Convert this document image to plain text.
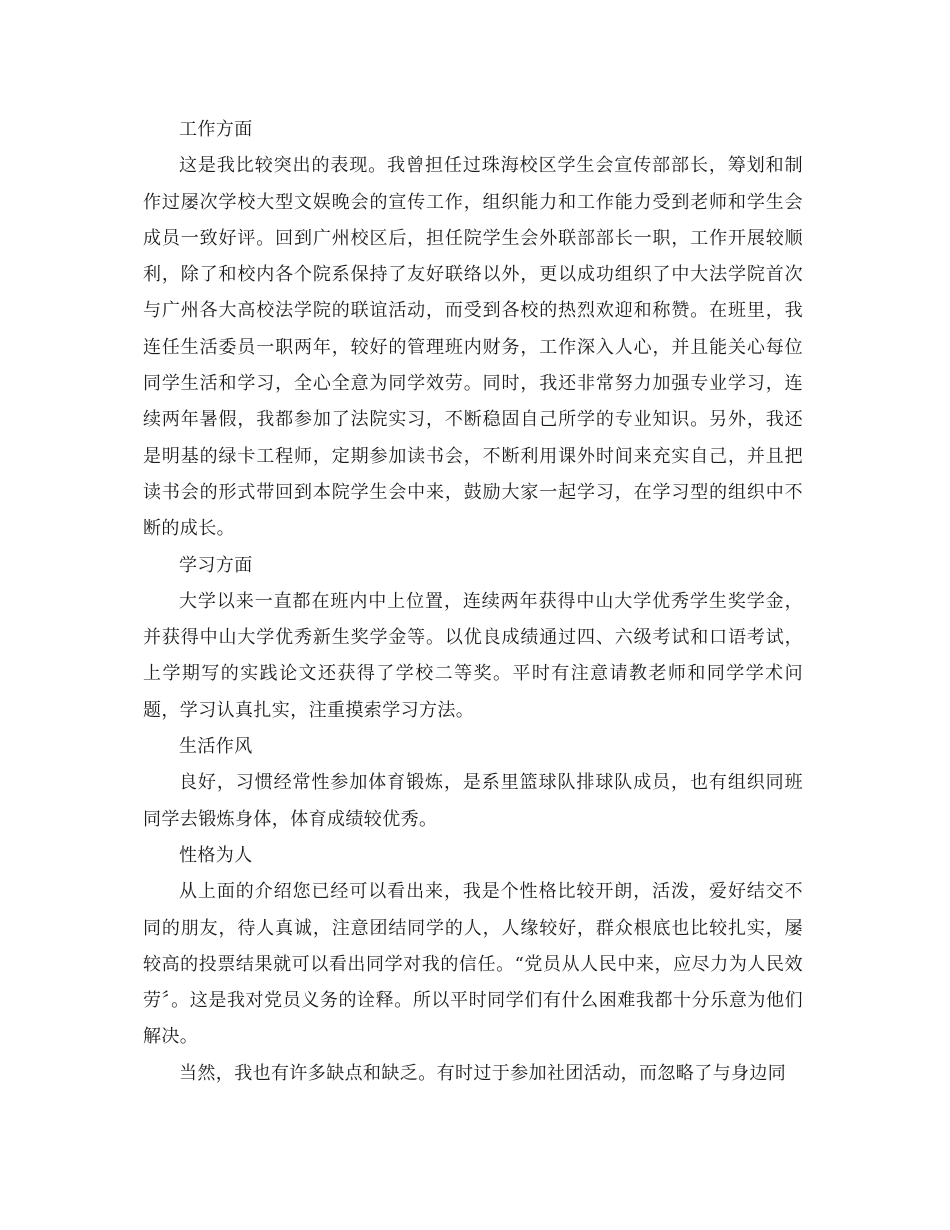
工作方面

这是我比较突出的表现。我曾担任过珠海校区学生会宣传部部长，筹划和制作过屡次学校大型文娱晚会的宣传工作，组织能力和工作能力受到老师和学生会成员一致好评。回到广州校区后，担任院学生会外联部部长一职，工作开展较顺利，除了和校内各个院系保持了友好联络以外，更以成功组织了中大法学院首次与广州各大高校法学院的联谊活动，而受到各校的热烈欢迎和称赞。在班里，我连任生活委员一职两年，较好的管理班内财务，工作深入人心，并且能关心每位同学生活和学习，全心全意为同学效劳。同时，我还非常努力加强专业学习，连续两年暑假，我都参加了法院实习，不断稳固自己所学的专业知识。另外，我还是明基的绿卡工程师，定期参加读书会，不断利用课外时间来充实自己，并且把读书会的形式带回到本院学生会中来，鼓励大家一起学习，在学习型的组织中不断的成长。

学习方面

大学以来一直都在班内中上位置，连续两年获得中山大学优秀学生奖学金，并获得中山大学优秀新生奖学金等。以优良成绩通过四、六级考试和口语考试，上学期写的实践论文还获得了学校二等奖。平时有注意请教老师和同学学术问题，学习认真扎实，注重摸索学习方法。

生活作风

良好，习惯经常性参加体育锻炼，是系里篮球队排球队成员，也有组织同班同学去锻炼身体，体育成绩较优秀。

性格为人

从上面的介绍您已经可以看出来，我是个性格比较开朗，活泼，爱好结交不同的朋友，待人真诚，注意团结同学的人，人缘较好，群众根底也比较扎实，屡较高的投票结果就可以看出同学对我的信任。“党员从人民中来，应尽力为人民效劳〞。这是我对党员义务的诠释。所以平时同学们有什么困难我都十分乐意为他们解决。

当然，我也有许多缺点和缺乏。有时过于参加社团活动，而忽略了与身边同
